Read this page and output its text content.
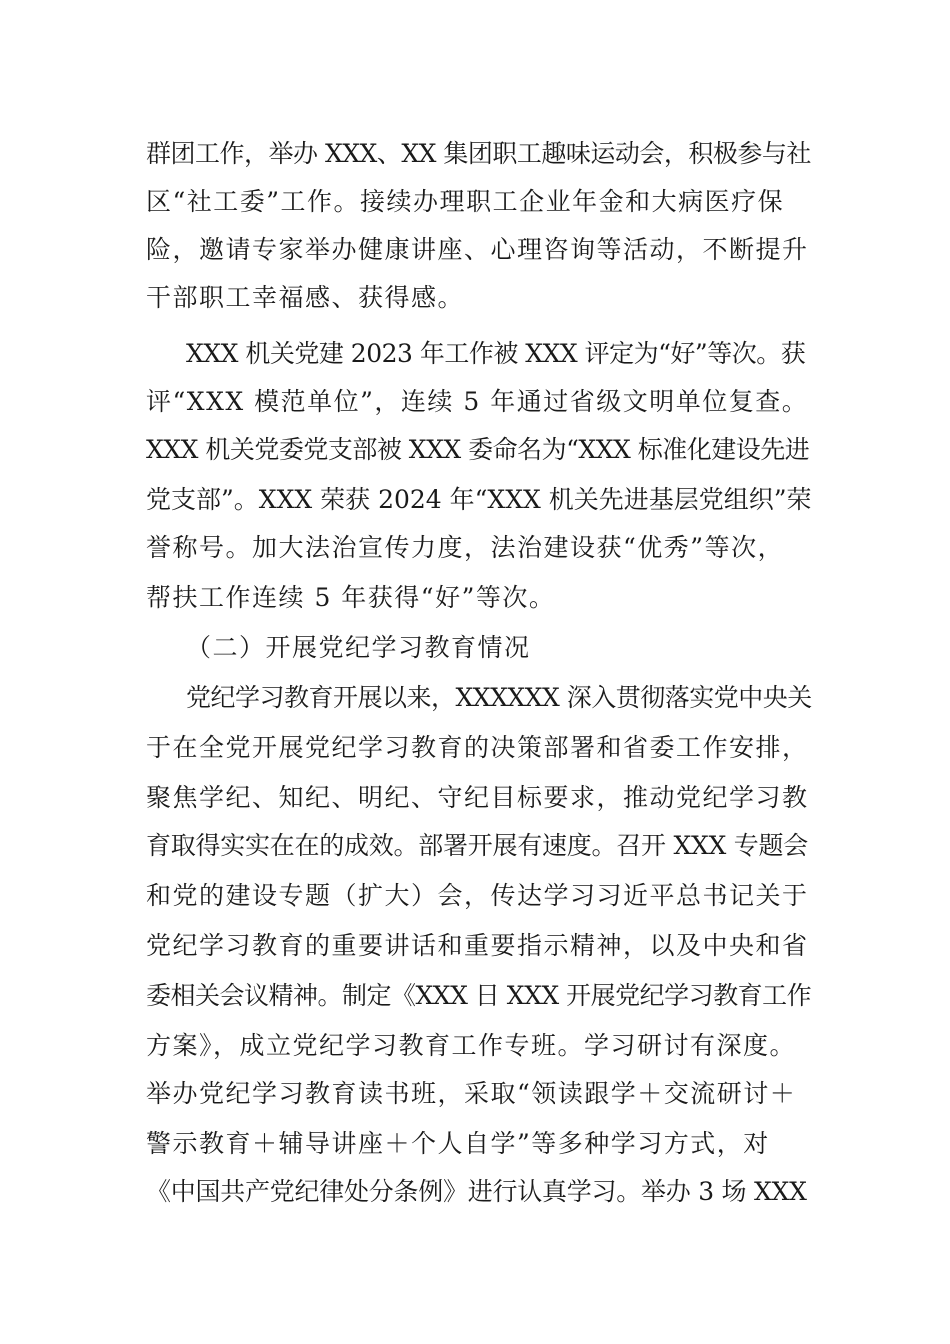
群团工作，举办 XXX、XX 集团职工趣味运动会，积极参与社
区“社工委”工作。接续办理职工企业年金和大病医疗保
险，邀请专家举办健康讲座、心理咨询等活动，不断提升
干部职工幸福感、获得感。
XXX 机关党建 2023 年工作被 XXX 评定为“好”等次。获
评“XXX 模范单位”，连续 5 年通过省级文明单位复查。
XXX 机关党委党支部被 XXX 委命名为“XXX 标准化建设先进
党支部”。XXX 荣获 2024 年“XXX 机关先进基层党组织”荣
誉称号。加大法治宣传力度，法治建设获“优秀”等次，
帮扶工作连续 5 年获得“好”等次。
（二）开展党纪学习教育情况
党纪学习教育开展以来，XXXXXX 深入贯彻落实党中央关
于在全党开展党纪学习教育的决策部署和省委工作安排，
聚焦学纪、知纪、明纪、守纪目标要求，推动党纪学习教
育取得实实在在的成效。部署开展有速度。召开 XXX 专题会
和党的建设专题（扩大）会，传达学习习近平总书记关于
党纪学习教育的重要讲话和重要指示精神，以及中央和省
委相关会议精神。制定《XXX 日 XXX 开展党纪学习教育工作
方案》，成立党纪学习教育工作专班。学习研讨有深度。
举办党纪学习教育读书班，采取“领读跟学＋交流研讨＋
警示教育＋辅导讲座＋个人自学”等多种学习方式，对
《中国共产党纪律处分条例》进行认真学习。举办 3 场 XXX
